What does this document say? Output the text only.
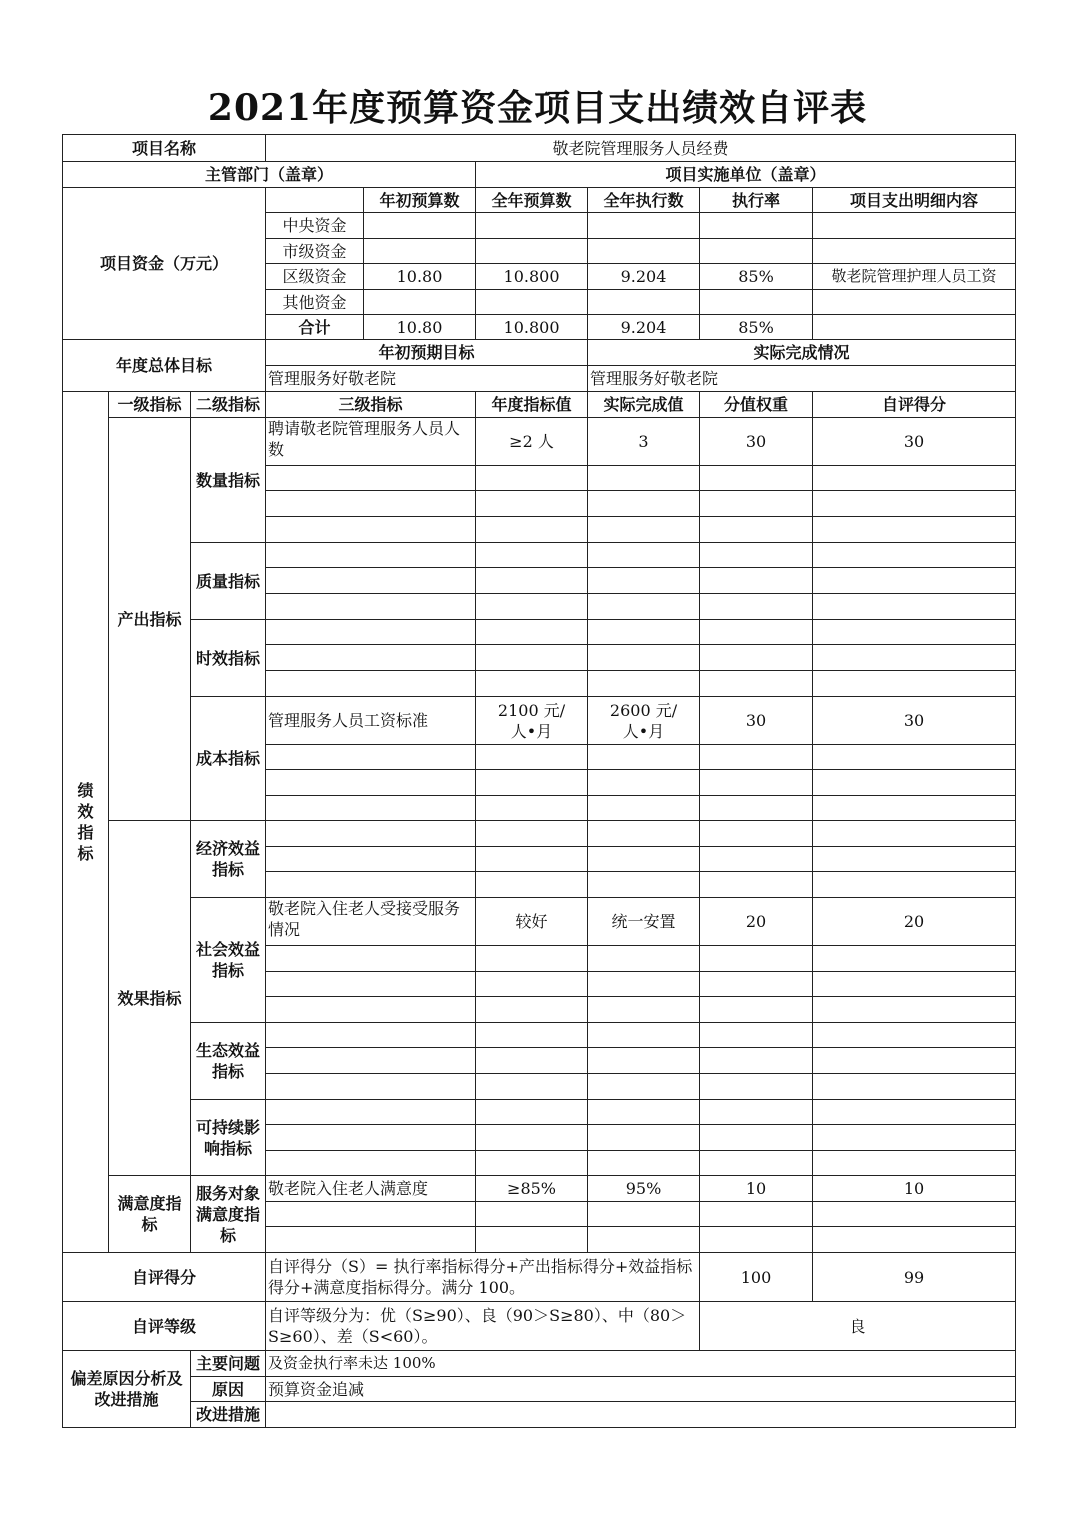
2021年度预算资金项目支出绩效自评表
项目名称			敬老院管理服务人员经费					
主管部门（盖章）					项目实施单位（盖章）			
项目资金（万元）				年初预算数	全年预算数	全年执行数	执行率	项目支出明细内容
			中央资金					
			市级资金					
			区级资金	10.80	10.800	9.204	85%	敬老院管理护理人员工资
			其他资金					
			合计	10.80	10.800	9.204	85%	
年度总体目标			年初预期目标			实际完成情况		
			管理服务好敬老院			管理服务好敬老院		

绩效指标	一级指标	二级指标	三级指标		年度指标值	实际完成值	分值权重	自评得分
	产出指标	数量指标	聘请敬老院管理服务人员人数		≥2 人	3	30	30

		质量指标						

		时效指标						

		成本指标	管理服务人员工资标准		2100 元/人•月	2600 元/人•月	30	30

	效果指标	经济效益指标						

		社会效益指标	敬老院入住老人受接受服务情况		较好	统一安置	20	20

		生态效益指标						

		可持续影响指标						

	满意度指标	服务对象满意度指标	敬老院入住老人满意度		≥85%	95%	10	10

自评得分			自评得分（S）= 执行率指标得分+产出指标得分+效益指标得分+满意度指标得分。满分 100。				100	99
自评等级			自评等级分为：优（S≥90）、良（90＞S≥80）、中（80＞S≥60）、差（S<60）。				良	
偏差原因分析及改进措施		主要问题	及资金执行率未达 100%					
		原因	预算资金追减					
		改进措施						
